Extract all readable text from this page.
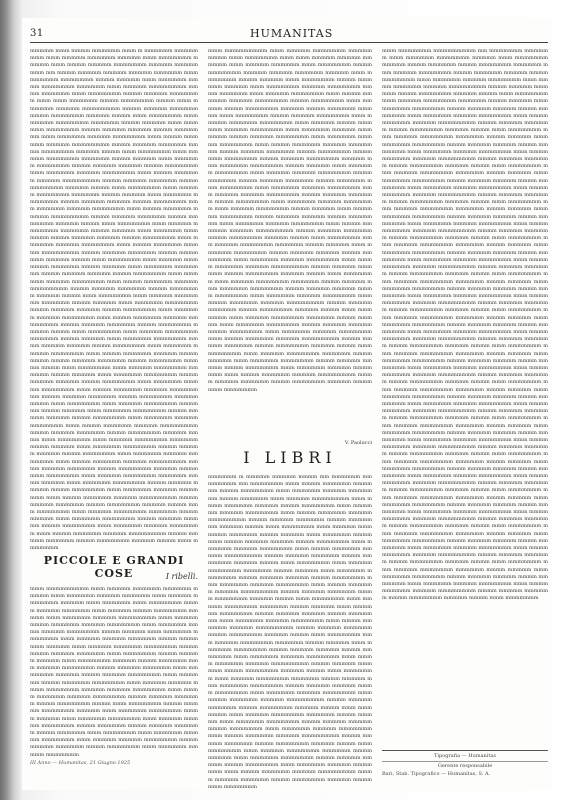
31	HUMANITAS
mmmmm mmm mmmm mmmmmm mmm m mmmmmm mmmmmmmm mmm mmmmm mmmmmm mmmmm mmm mmmmmmm mmmmm mmm mmmm mmmmm mmmmmmm mmmmm mmmmmmmm mm mmmm mmmmm mmmmm mmmmm mmmmmm mmm mmmmmm mmmmmmm mmmm mmmmm mmm mmmmmm mmmm mmmmmmm mmmmmm mmm mmmmm mmmmmmmm mmmm mmmmmm mmm mmmmmmm mmmm mmmmm mmmmmmm mmm mmm mmmmmm mmmm mmmmmmm mmmm mmm mmmmmm mmmmm mmmmmmmm mmmm mmmmm mmmmmm mmmm mmmmmmm mmmmm mmmm mmm mmmmmmm mmm mmmmm mmmmmmm mmmmmm mmmm mmmmm mmm mmmmmm mmmmmmm mmmm mmmmm mmmmm mmmm mmmmmmm mmm mmmmmm mmmmm mmmmmmm mmm mmmm mmmmmm mmmmm mmmmmmmm mmmm mmmmm mmmmmm mmmm mmmmmmm mmmmm mmmm mmm mmmmmmm mmm mmmmm mmmmmmm mmmmmm mmmm mmmmm mmm mmmmmm mmmmmmm mmmm mmmmm mmmmm mmmm mmmmmmm mmm mmmmmm mmmmm mmmmmmm mmm mmmm mmmmmm mmmmm mmmmmmmm mmmm mmmmm mmmmmm mmmm mmmmmmm mmmmm mmmm mmm mmmmmmm mmm mmmmm mmmmmmm mmmmmm mmmm mmmmm mmm mmmmmm mmmmmmm mmmm mmmmm mmmmm mmmm mmmmmmm mmm mmmmmm mmmmm mmmmmmm mmm mmmm mmmmmm mmmmm mmmmmmmm mmmm mmmmm mmmmmm mmmm mmmmmmm mmmmm mmmm mmm mmmmmmm mmm mmmmm mmmmmmm mmmmmm mmmm mmmmm mmm mmmmmm mmmmmmm mmmm mmmmm mmmmm mmmm mmmmmmm mmm mmmmmm mmmmm mmmmmmm mmm mmmm mmmmmm mmmmm mmmmmmmm mmmm mmmmm mmmmmm mmmm mmmmmmm mmmmm mmmm mmm mmmmmmm mmm mmmmm mmmmmmm mmmmmm mmmm mmmmm mmm mmmmmm mmmmmmm mmmm mmmmm mmmmm mmmm mmmmmmm mmm mmmmmm mmmmm mmmmmmm mmm mmmm mmmmmm mmmmm mmmmmmmm mmmm mmmmm mmmmmm mmmm mmmmmmm mmmmm mmmm mmm mmmmmmm mmm mmmmm mmmmmmm mmmmmm mmmm mmmmm mmm mmmmmm mmmmmmm mmmm mmmmm mmmmm mmmm mmmmmmm mmm mmmmmm mmmmm mmmmmmm mmm mmmm mmmmmm mmmmm mmmmmmmm mmmm mmmmm mmmmmm mmmm mmmmmmm mmmmm mmmm mmm mmmmmmm mmm mmmmm mmmmmmm mmmmmm mmmm mmmmm mmm mmmmmm mmmmmmm mmmm mmmmm mmmmm mmmm mmmmmmm mmm mmmmmm mmmmm mmmmmmm mmm mmmm mmmmmm mmmmm mmmmmmmm mmmm mmmmm mmmmmm mmmm mmmmmmm mmmmm mmmm mmm mmmmmmm mmm mmmmm mmmmmmm mmmmmm mmmm mmmmm mmm mmmmmm mmmmmmm mmmm mmmmm mmmmm mmmm mmmmmmm mmm mmmmmm mmmmm mmmmmmm mmm mmmm mmmmmm mmmmm mmmmmmmm mmmm mmmmm mmmmmm mmmm mmmmmmm mmmmm mmmm mmm mmmmmmm mmm mmmmm mmmmmmm mmmmmm mmmm mmmmm mmm mmmmmm mmmmmmm mmmm mmmmm mmmmm mmmm mmmmmmm mmm mmmmmm mmmmm mmmmmmm mmm mmmm mmmmmm mmmmm mmmmmmmm mmmm mmmmm mmmmmm mmmm mmmmmmm mmmmm mmmm mmm mmmmmmm mmm mmmmm mmmmmmm mmmmmm mmmm mmmmm mmm mmmmmm mmmmmmm mmmm mmmmm mmmmm mmmm mmmmmmm mmm mmmmmm mmmmm mmmmmmm mmm mmmm mmmmmm mmmmm mmmmmmmm mmmm mmmmm mmmmmm mmmm mmmmmmm mmmmm mmmm mmm mmmmmmm mmm mmmmm mmmmmmm mmmmmm mmmm mmmmm mmm mmmmmm mmmmmmm mmmm mmmmm mmmmm mmmm mmmmmmm mmm mmmmmm mmmmm mmmmmmm mmm mmmm mmmmmm mmmmm mmmmmmmm mmmm mmmmm mmmmmm mmmm mmmmmmm mmmmm mmmm mmm mmmmmmm mmm mmmmm mmmmmmm mmmmmm mmmm mmmmm mmm mmmmmm mmmmmmm mmmm mmmmm mmmmm mmmm mmmmmmm mmm mmmmmm mmmmm mmmmmmm mmm mmmm mmmmmm mmmmm mmmmmmmm mmmm mmmmm mmmmmm mmmm mmmmmmm mmmmm mmmm mmm mmmmmmm
PICCOLE E GRANDI COSE	I ribelli.
mmm mmmmmmmmm mmm mmmmm mmmmmm mmmmmm mmmmm mmm mmmmmm mmmmm mmmmmm mmm mmmmm mmmmmmm mmmmm mmm mmmmmm mmm mmmmmmm mmmm mmmmm mmmmmm mmm mmmmm mmmm mmmmmmm mmmmm mmm mmmmmm mmmmm mmmmmmmm mmm mmmmm mmmm mmmmmm mmmmm mmmmmmm mmm mmmmmm mmmm mmmmm mmmmmmm mmmm mmmmm mmm mmmmmm mmmmmmm mmm mmmmm mmmmm mmmmmm mmmm mmmmmmm mmmmm mmm mmmmm mmmmmm mmmmmmm mmmm mmmm mmmmm mmmmmm mmm mmmmmmm mmmm mmmmm mmmmm mmm mmmmmmm mmmmm mmmm mmmmmm mmm mmmmm mmmmmmm mmmm mmmmm mmmmmm mmm mmmmmmm mmmmm mmmm mmmmm mmmmmmm mmm mmmmmm mmmm mmmmmm mmmmmmm mmm mmmmm mmmmm mmmm mmmmmmm mmmmm mmmmm mmmmmmm mmm mmmm mmmmmm mmmmm mmmmmmm mmmm mmmmm mmmmmm mmmm mmmmmmm mmmm mmm mmmmmmm mmmm mmmmm mmmmmmm mmmmm mmm mmmmmm mmmmmmm mmmm mmmmm mmm mmmmmm mmmmmmm mmm mmmmm mmmmm mmmmmmm mmmm mmmmmm mmmm mmmmm mmmmmm mmmm mmmmmm mmm mmmmmmm mmm mmmmmm mmmmm mmmmmmm mmm mmmmm mmmmm mmmmmmm mmmm mmmmm mmmmmm mmmm mmmmmmm mmm mmmmmm mmmmm mmmmmmm
III Anno — Humanitas, 21 Giugno 1925
mmm mmmmmmmmm mmm mmmmm mmmmmmm mmmmmmmmm mmm mmmmmmm mmm mmm mmmmm mmmmm mmmmmm mmm mmmmm mmmmmm mmm mmmmmmm mmmm mmmmmmm mmmmm mmmmm mmmmmm mmmmm mmm mmmmmmm mmmm mmmmm mmm mmmmmmm mmmm mmmmmm mmmmm mmm mmmmmmm mmmmm mmmmmmm mmmm mmmmmm mmm mmmmm mmmmmmm mmm mmmm mmmmmm mmmmm mmmmmmm mmmm mmmmmmm mmm mmmmm mmmm mmmmmmm mmmmm mmmm mmmmmm mmmmm mmm mmmmmmm mmmm mmmmm mmmmmmm mmm mmmmm mmmmmm mmmmmmm mmm mmmmm mmmm mmmmmm mmmmm mmmmmmm mmm mmmmmm mmmmm mmmmmmm mmmm mmmmm mmmmmmm mmm mmmmmm mmmmm mmmmmmm mmm mmmm mmmmmm mmmmm mmmmmmm mmmm mmmmm mmmmmm mmmm mmmmmmm mmmm mmm mmmmmmm mmmm mmmmm mmmmmmm mmmmm mmm mmmmmm mmmmmmm mmmm mmmmm mmm mmmmmm mmmmmmm mmm mmmmm mmmmm mmmmmmm mmmm mmmmmm mmmm mmmmm mmmmmm mmmm mmmmmm mmm mmmmmmm mmm mmmmmm mmmmm mmmmmmm mmm mmmmm mmmmm mmmmmmm mmmm mmmmm mmmmmm mmmm mmmmmmm mmm mmmmmm mmmmm mmmmmmm mmm mmmmm mmmmmmm mmmm mmmmm mmm mmmmmm mmmmmmm mmmm mmmmm mmmmm mmmm mmmmmmm mmm mmmmmm mmmmm mmmmmmm mmm mmmm mmmmmm mmmmm mmmmmmmm mmmm mmmmm mmmmmm mmmm mmmmmmm mmmmm mmmm mmm mmmmmmm mmm mmmmm mmmmmmm mmmmmm mmmm mmmmm mmm mmmmmm mmmmmmm mmmm mmmmm mmmmm mmmm mmmmmmm mmm mmmmmm mmmmm mmmmmmm mmm mmmm mmmmmm mmmmm mmmmmmmm mmmm mmmmm mmmmmm mmmm mmmmmmm mmmmm mmmm mmm mmmmmmm mmm mmmmm mmmmmmm mmmmmm mmmm mmmmm mmm mmmmmm mmmmmmm mmmm mmmmm mmmmm mmmm mmmmmmm mmm mmmmmm mmmmm mmmmmmm mmm mmmm mmmmmm mmmmm mmmmmmmm mmmm mmmmm mmmmmm mmmm mmmmmmm mmmmm mmmm mmm mmmmmmm mmm mmmmm mmmmmmm mmmmmm mmmm mmmmm mmm mmmmmm mmmmmmm mmmm mmmmm mmmmm mmmm mmmmmmm mmm mmmmmm mmmmm mmmmmmm mmm mmmm mmmmmm mmmmm mmmmmmmm mmmm mmmmm mmmmmm mmmm mmmmmmm mmmmm mmmm mmm mmmmmmm mmm mmmmm mmmmmmm mmmmmm mmmm mmmmm mmm mmmmmm mmmmmmm mmmm mmmmm mmmmm mmmm mmmmmmm mmm mmmmmm mmmmm mmmmmmm mmm mmmm mmmmmm mmmmm mmmmmmmm mmmm mmmmm mmmmmm mmmm mmmmmmm mmmmm mmmm mmm mmmmmmm
V. Paolucci
I LIBRI
mmmmmm m mmmmm mmmmm mmmm mm mmmmmm mm mmmmmm mm mmmmmmm mmm mmmm mmmmmm mmmmmm mmmm mmmmmmm mmm mmmmmm mmmmm mmmmmmm mmmm mmmmmm mmm mmmmm mmmmmmmm mmm mmmm mmmmmm mmmmm mmmm mmmmmmm mmm mmmmmm mmmmm mmmmmmm mmm mmmm mmmmmm mmmmm mmmmmmmm mmmm mmmmm mmmmmm mmmm mmmmmmm mmmmm mmmm mmm mmmmmmm mmm mmmmm mmmmmmm mmmmmm mmmm mmmmm mmm mmmmmm mmmmmmm mmmm mmmmm mmmmm mmmm mmmmmmm mmm mmmmmm mmmmm mmmmmmm mmm mmmm mmmmmm mmmmm mmmmmmmm mmmm mmmmm mmmmmm mmmm mmmmmmm mmmmm mmmm mmm mmmmmmm mmm mmmmm mmmmmmm mmmmmm mmmm mmmmm mmm mmmmmm mmmmmmm mmmm mmmmm mmmmm mmmm mmmmmmm mmm mmmmmm mmmmm mmmmmmm mmm mmmm mmmmmm mmmmm mmmmmmmm mmmm mmmmm mmmmmm mmmm mmmmmmm mmmmm mmmm mmm mmmmmmm mmm mmmmm mmmmmmm mmmmmm mmmm mmmmm mmm mmmmmm mmmmmmm mmmm mmmmm mmmmm mmmm mmmmmmm mmm mmmmmm mmmmm mmmmmmm mmm mmmm mmmmmm mmmmm mmmmmmmm mmmm mmmmm mmmmmm mmmm mmmmmmm mmmmm mmmm mmm mmmmmmm mmm mmmmm mmmmmmm mmmmmm mmmm mmmmm mmm mmmmmm mmmmmmm mmmm mmmmm mmmmm mmmm mmmmmmm mmm mmmmmm mmmmm mmmmmmm mmm mmmm mmmmmm mmmmm mmmmmmmm mmmm mmmmm mmmmmm mmmm mmmmmmm mmmmm mmmm mmm mmmmmmm mmm mmmmm mmmmmmm mmmmmm mmmm mmmmm mmm mmmmmm mmmmmmm mmmm mmmmm mmmmm mmmm mmmmmmm mmm mmmmmm mmmmm mmmmmmm mmm mmmm mmmmmm mmmmm mmmmmmmm mmmm mmmmm mmmmmm mmmm mmmmmmm mmmmm mmmm mmm mmmmmmm mmm mmmmm mmmmmmm mmmmmm mmmm mmmmm mmm mmmmmm mmmmmmm mmmm mmmmm mmmmm mmmm mmmmmmm mmm mmmmmm mmmmm mmmmmmm mmm mmmm mmmmmm mmmmm mmmmmmmm mmmm mmmmm mmmmmm mmmm mmmmmmm mmmmm mmmm mmm mmmmmmm mmm mmmmm mmmmmmm mmmmmm mmmm mmmmm mmm mmmmmm mmmmmmm mmmm mmmmm mmmmm mmmm mmmmmmm mmm mmmmmm mmmmm mmmmmmm mmm mmmm mmmmmm mmmmm mmmmmmmm mmmm mmmmm mmmmmm mmmm mmmmmmm mmmmm mmmm mmm mmmmmmm
mmm mmmmmmm mmmmmmmmm mm mmmmmmm mmmmmm mmm mmmmmm mmmmmmm mmmmm mmm mmmmmmm mmmmm mmmm mmmmmm mmmm mmmmmmm mmmmmm mmm mmmmm mmmmmmm mmmm mmmmmm mmmmm mmmm mmmmmmm mmm mmmmmm mmmmm mmmmmmm mmm mmmm mmmmmm mmmmm mmmmmmmm mmmm mmmmm mmmmmm mmmm mmmmmmm mmmmm mmmm mmm mmmmmmm mmm mmmmm mmmmmmm mmmmmm mmmm mmmmm mmm mmmmmm mmmmmmm mmmm mmmmm mmmmm mmmm mmmmmmm mmm mmmmmm mmmmm mmmmmmm mmm mmmm mmmmmm mmmmm mmmmmmmm mmmm mmmmm mmmmmm mmmm mmmmmmm mmmmm mmmm mmm mmmmmmm mmm mmmmm mmmmmmm mmmmmm mmmm mmmmm mmm mmmmmm mmmmmmm mmmm mmmmm mmmmm mmmm mmmmmmm mmm mmmmmm mmmmm mmmmmmm mmm mmmm mmmmmm mmmmm mmmmmmmm mmmm mmmmm mmmmmm mmmm mmmmmmm mmmmm mmmm mmm mmmmmmm mmm mmmmm mmmmmmm mmmmmm mmmm mmmmm mmm mmmmmm mmmmmmm mmmm mmmmm mmmmm mmmm mmmmmmm mmm mmmmmm mmmmm mmmmmmm mmm mmmm mmmmmm mmmmm mmmmmmmm mmmm mmmmm mmmmmm mmmm mmmmmmm mmmmm mmmm mmm mmmmmmm mmm mmmmm mmmmmmm mmmmmm mmmm mmmmm mmm mmmmmm mmmmmmm mmmm mmmmm mmmmm mmmm mmmmmmm mmm mmmmmm mmmmm mmmmmmm mmm mmmm mmmmmm mmmmm mmmmmmmm mmmm mmmmm mmmmmm mmmm mmmmmmm mmmmm mmmm mmm mmmmmmm mmm mmmmm mmmmmmm mmmmmm mmmm mmmmm mmm mmmmmm mmmmmmm mmmm mmmmm mmmmm mmmm mmmmmmm mmm mmmmmm mmmmm mmmmmmm mmm mmmm mmmmmm mmmmm mmmmmmmm mmmm mmmmm mmmmmm mmmm mmmmmmm mmmmm mmmm mmm mmmmmmm mmm mmmmm mmmmmmm mmmmmm mmmm mmmmm mmm mmmmmm mmmmmmm mmmm mmmmm mmmmm mmmm mmmmmmm mmm mmmmmm mmmmm mmmmmmm mmm mmmm mmmmmm mmmmm mmmmmmmm mmmm mmmmm mmmmmm mmmm mmmmmmm mmmmm mmmm mmm mmmmmmm mmm mmmmm mmmmmmm mmmmmm mmmm mmmmm mmm mmmmmm mmmmmmm mmmm mmmmm mmmmm mmmm mmmmmmm mmm mmmmmm mmmmm mmmmmmm mmm mmmm mmmmmm mmmmm mmmmmmmm mmmm mmmmm mmmmmm mmmm mmmmmmm mmmmm mmmm mmm mmmmmmm mmm mmmmm mmmmmmm mmmmmm mmmm mmmmm mmm mmmmmm mmmmmmm mmmm mmmmm mmmmm mmmm mmmmmmm mmm mmmmmm mmmmm mmmmmmm mmm mmmm mmmmmm mmmmm mmmmmmmm mmmm mmmmm mmmmmm mmmm mmmmmmm mmmmm mmmm mmm mmmmmmm mmm mmmmm mmmmmmm mmmmmm mmmm mmmmm mmm mmmmmm mmmmmmm mmmm mmmmm mmmmm mmmm mmmmmmm mmm mmmmmm mmmmm mmmmmmm mmm mmmm mmmmmm mmmmm mmmmmmmm mmmm mmmmm mmmmmm mmmm mmmmmmm mmmmm mmmm mmm mmmmmmm mmm mmmmm mmmmmmm mmmmmm mmmm mmmmm mmm mmmmmm mmmmmmm mmmm mmmmm mmmmm mmmm mmmmmmm mmm mmmmmm mmmmm mmmmmmm mmm mmmm mmmmmm mmmmm mmmmmmmm mmmm mmmmm mmmmmm mmmm mmmmmmm mmmmm mmmm mmm mmmmmmm mmm mmmmm mmmmmmm mmmmmm mmmm mmmmm mmm mmmmmm mmmmmmm mmmm mmmmm mmmmm mmmm mmmmmmm mmm mmmmmm mmmmm mmmmmmm mmm mmmm mmmmmm mmmmm mmmmmmmm mmmm mmmmm mmmmmm mmmm mmmmmmm mmmmm mmmm mmm mmmmmmm mmm mmmmm mmmmmmm mmmmmm mmmm mmmmm mmm mmmmmm mmmmmmm mmmm mmmmm mmmmm mmmm mmmmmmm mmm mmmmmm mmmmm mmmmmmm mmm mmmm mmmmmm mmmmm mmmmmmmm mmmm mmmmm mmmmmm mmmm mmmmmmm mmmmm mmmm mmm mmmmmmm mmm mmmmm mmmmmmm mmmmmm mmmm mmmmm mmm mmmmmm mmmmmmm mmmm mmmmm mmmmm mmmm mmmmmmm mmm mmmmmm mmmmm mmmmmmm mmm mmmm mmmmmm mmmmm mmmmmmmm mmmm mmmmm mmmmmm mmmm mmmmmmm mmmmm mmmm mmm mmmmmmm mmm mmmmm mmmmmmm mmmmmm mmmm mmmmm mmm mmmmmm mmmmmmm mmmm mmmmm mmmmm mmmm mmmmmmm mmm mmmmmm mmmmm mmmmmmm mmm mmmm mmmmmm mmmmm mmmmmmmm mmmm mmmmm mmmmmm mmmm mmmmmmm mmmmm mmmm mmm mmmmmmm
Tipografia — Humanitas
Gerente responsabile
Bari, Stab. Tipografico — Humanitas, S. A.
